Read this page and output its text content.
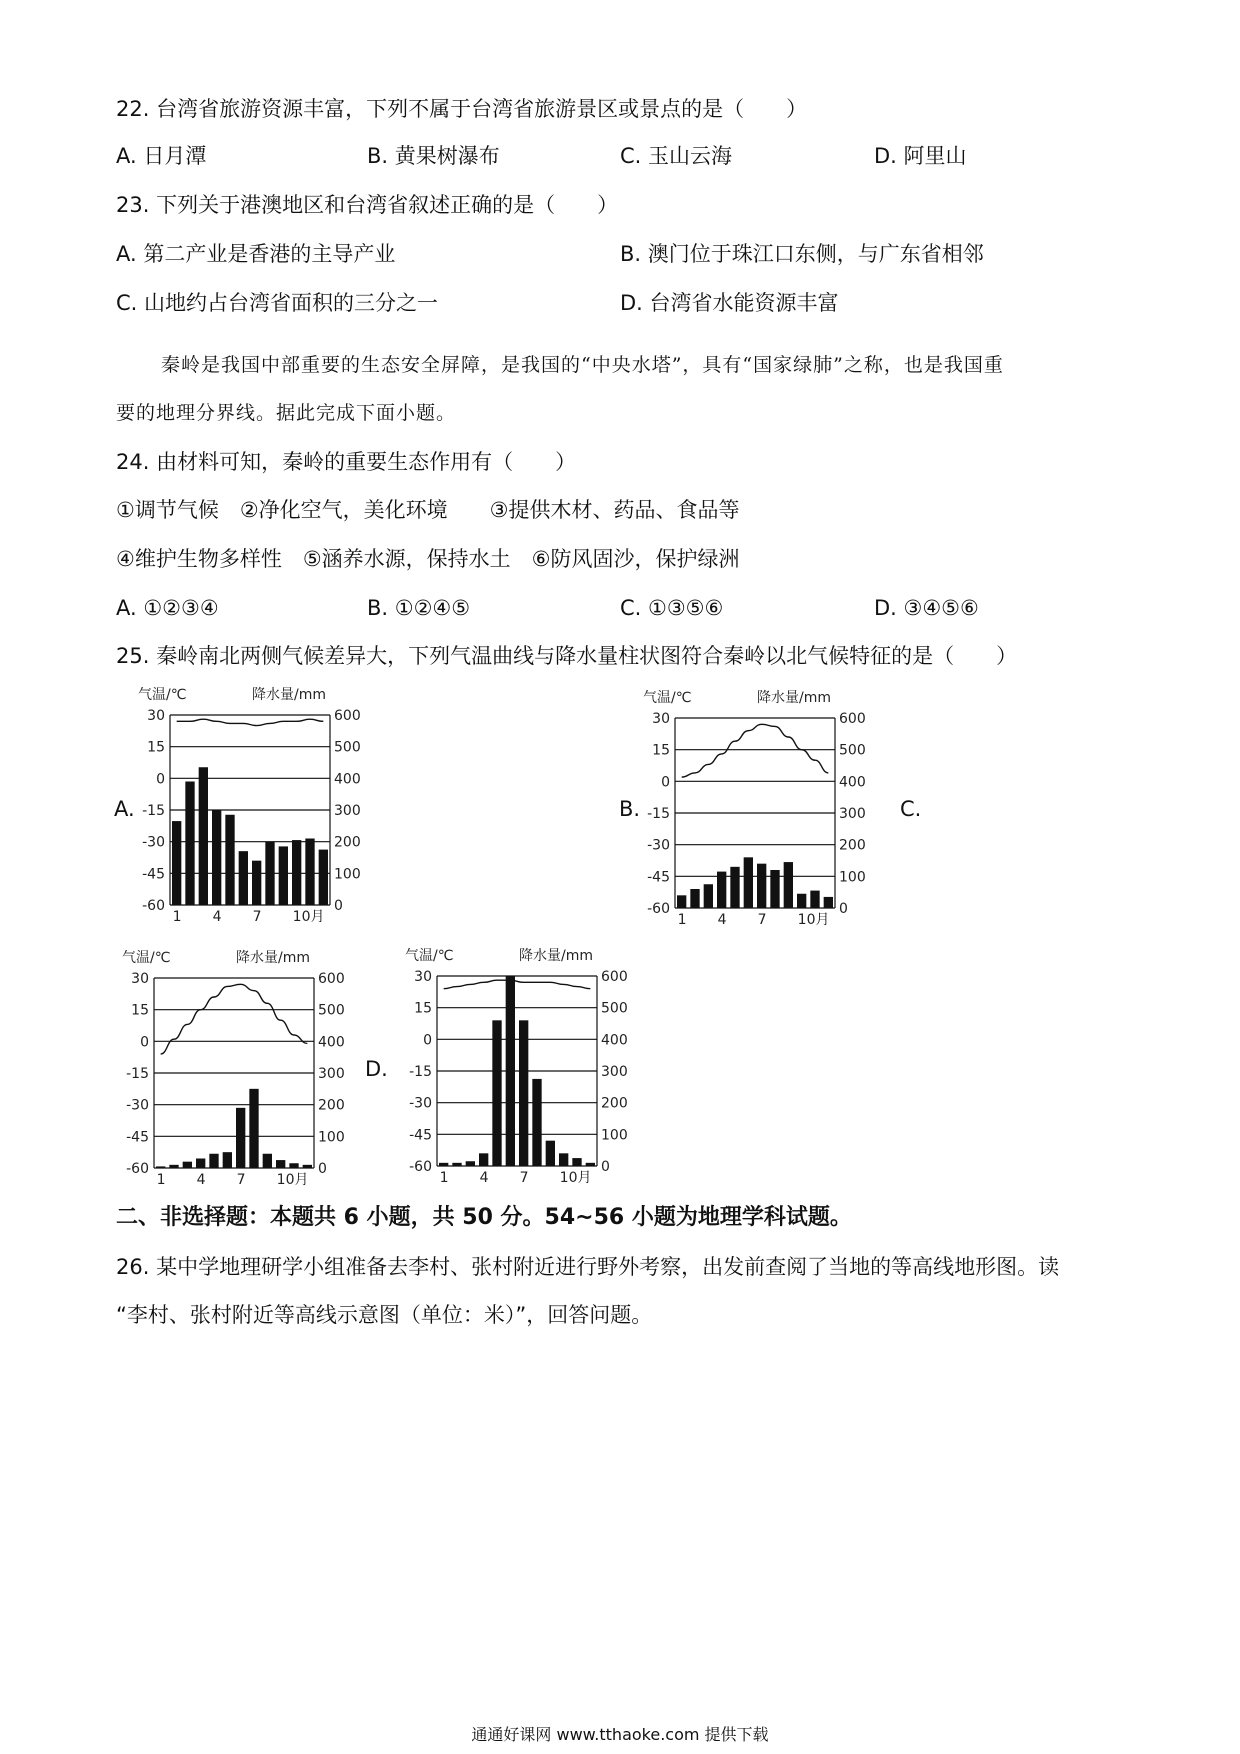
22. 台湾省旅游资源丰富，下列不属于台湾省旅游景区或景点的是（　　）
A. 日月潭	B. 黄果树瀑布	C. 玉山云海	D. 阿里山
23. 下列关于港澳地区和台湾省叙述正确的是（　　）
A. 第二产业是香港的主导产业	B. 澳门位于珠江口东侧，与广东省相邻
C. 山地约占台湾省面积的三分之一	D. 台湾省水能资源丰富
秦岭是我国中部重要的生态安全屏障，是我国的“中央水塔”，具有“国家绿肺”之称，也是我国重
要的地理分界线。据此完成下面小题。
24. 由材料可知，秦岭的重要生态作用有（　　）
①调节气候　②净化空气，美化环境　　③提供木材、药品、食品等
④维护生物多样性　⑤涵养水源，保持水土　⑥防风固沙，保护绿洲
A. ①②③④	B. ①②④⑤	C. ①③⑤⑥	D. ③④⑤⑥
25. 秦岭南北两侧气候差异大，下列气温曲线与降水量柱状图符合秦岭以北气候特征的是（　　）
A.	B.	C.
D.
气温/℃	降水量/mm
30
15
0
-15
-30
-45
-60
600
500
400
300
200
100
0
1 4 7 10月
气温/℃	降水量/mm
30
15
0
-15
-30
-45
-60
600
500
400
300
200
100
0
1 4 7 10月
气温/℃	降水量/mm
30
15
0
-15
-30
-45
-60
600
500
400
300
200
100
0
1 4 7 10月
气温/℃	降水量/mm
30
15
0
-15
-30
-45
-60
600
500
400
300
200
100
0
1 4 7 10月
二、非选择题：本题共 6 小题，共 50 分。54~56 小题为地理学科试题。
26. 某中学地理研学小组准备去李村、张村附近进行野外考察，出发前查阅了当地的等高线地形图。读
“李村、张村附近等高线示意图（单位：米）”，回答问题。
通通好课网 www.tthaoke.com 提供下载
